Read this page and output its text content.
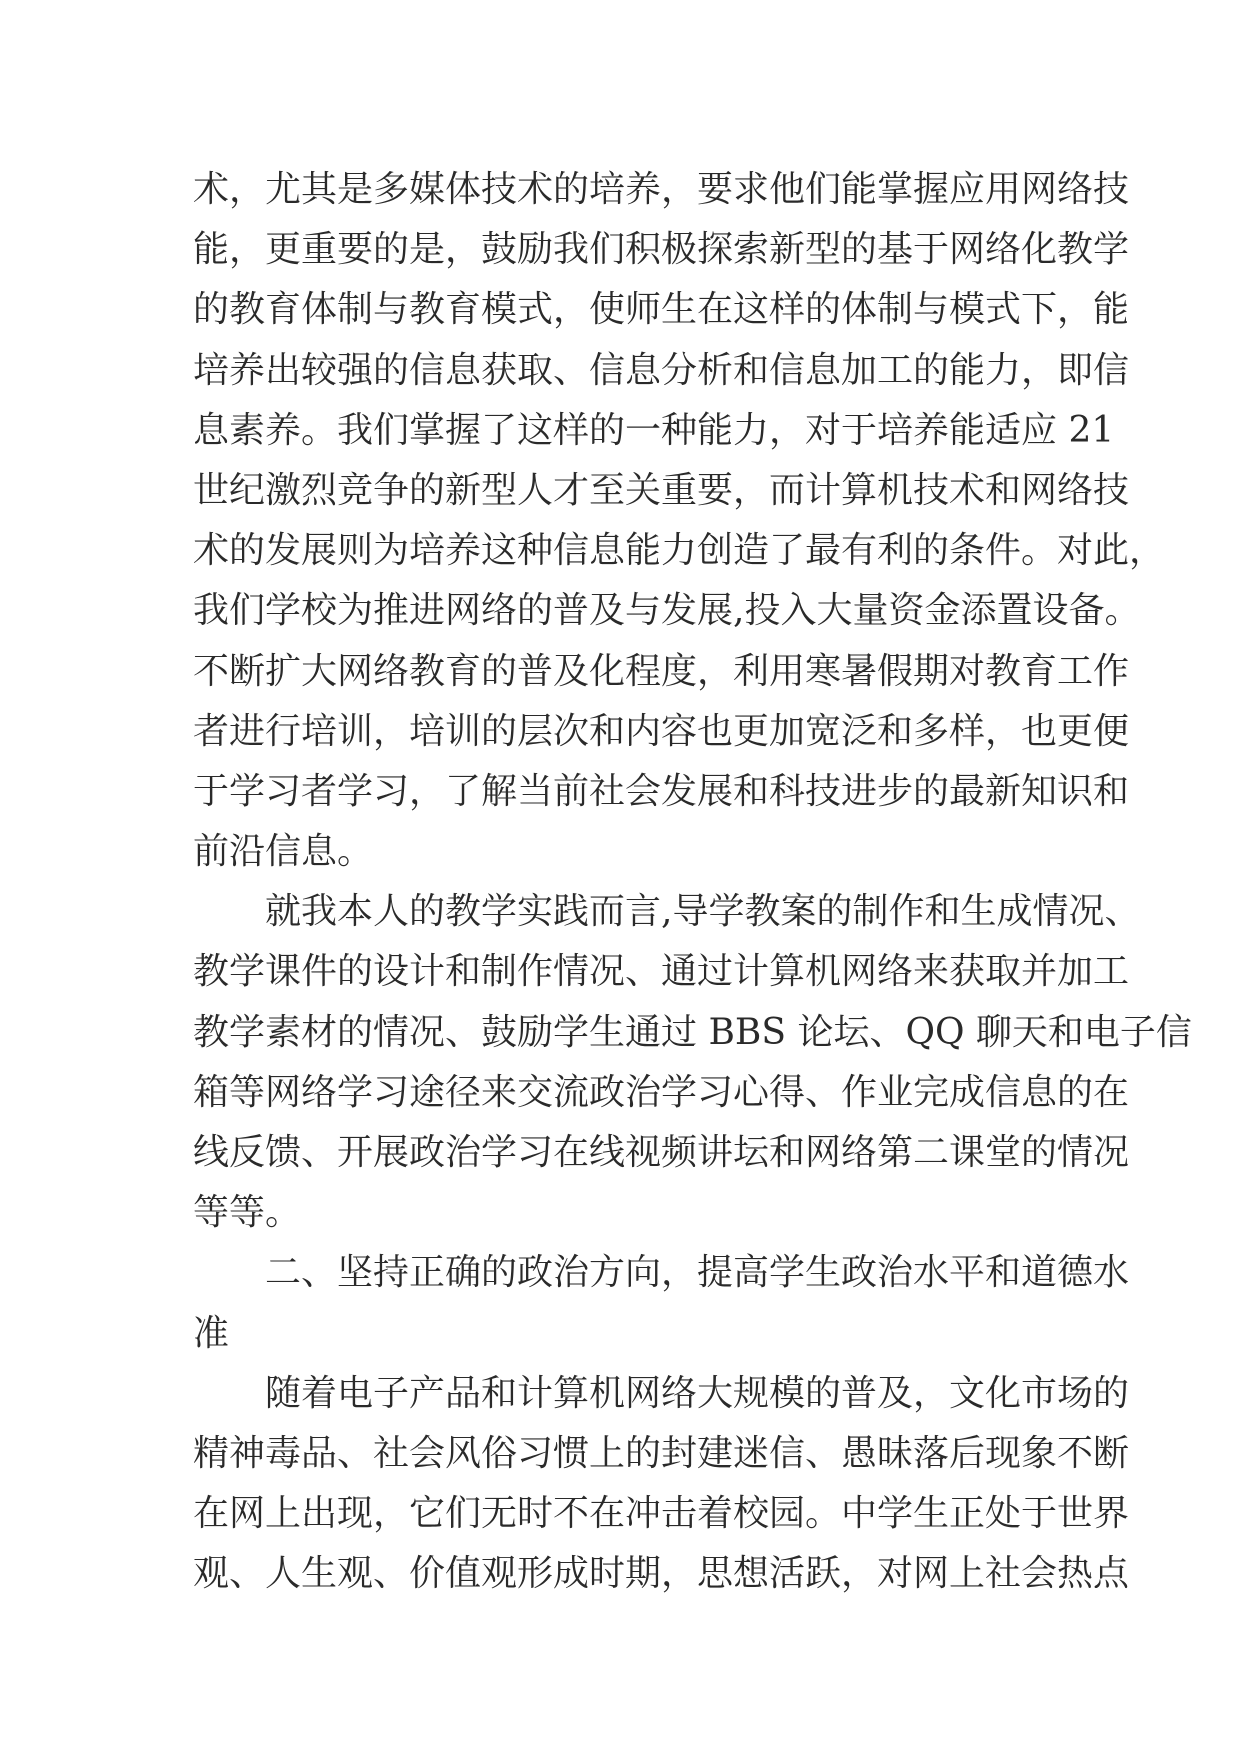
术，尤其是多媒体技术的培养，要求他们能掌握应用网络技
能，更重要的是，鼓励我们积极探索新型的基于网络化教学
的教育体制与教育模式，使师生在这样的体制与模式下，能
培养出较强的信息获取、信息分析和信息加工的能力，即信
息素养。我们掌握了这样的一种能力，对于培养能适应 21
世纪激烈竞争的新型人才至关重要，而计算机技术和网络技
术的发展则为培养这种信息能力创造了最有利的条件。对此，
我们学校为推进网络的普及与发展,投入大量资金添置设备。
不断扩大网络教育的普及化程度，利用寒暑假期对教育工作
者进行培训，培训的层次和内容也更加宽泛和多样，也更便
于学习者学习，了解当前社会发展和科技进步的最新知识和
前沿信息。
就我本人的教学实践而言,导学教案的制作和生成情况、
教学课件的设计和制作情况、通过计算机网络来获取并加工
教学素材的情况、鼓励学生通过 BBS 论坛、QQ 聊天和电子信
箱等网络学习途径来交流政治学习心得、作业完成信息的在
线反馈、开展政治学习在线视频讲坛和网络第二课堂的情况
等等。
二、坚持正确的政治方向，提高学生政治水平和道德水
准
随着电子产品和计算机网络大规模的普及，文化市场的
精神毒品、社会风俗习惯上的封建迷信、愚昧落后现象不断
在网上出现，它们无时不在冲击着校园。中学生正处于世界
观、人生观、价值观形成时期，思想活跃，对网上社会热点
